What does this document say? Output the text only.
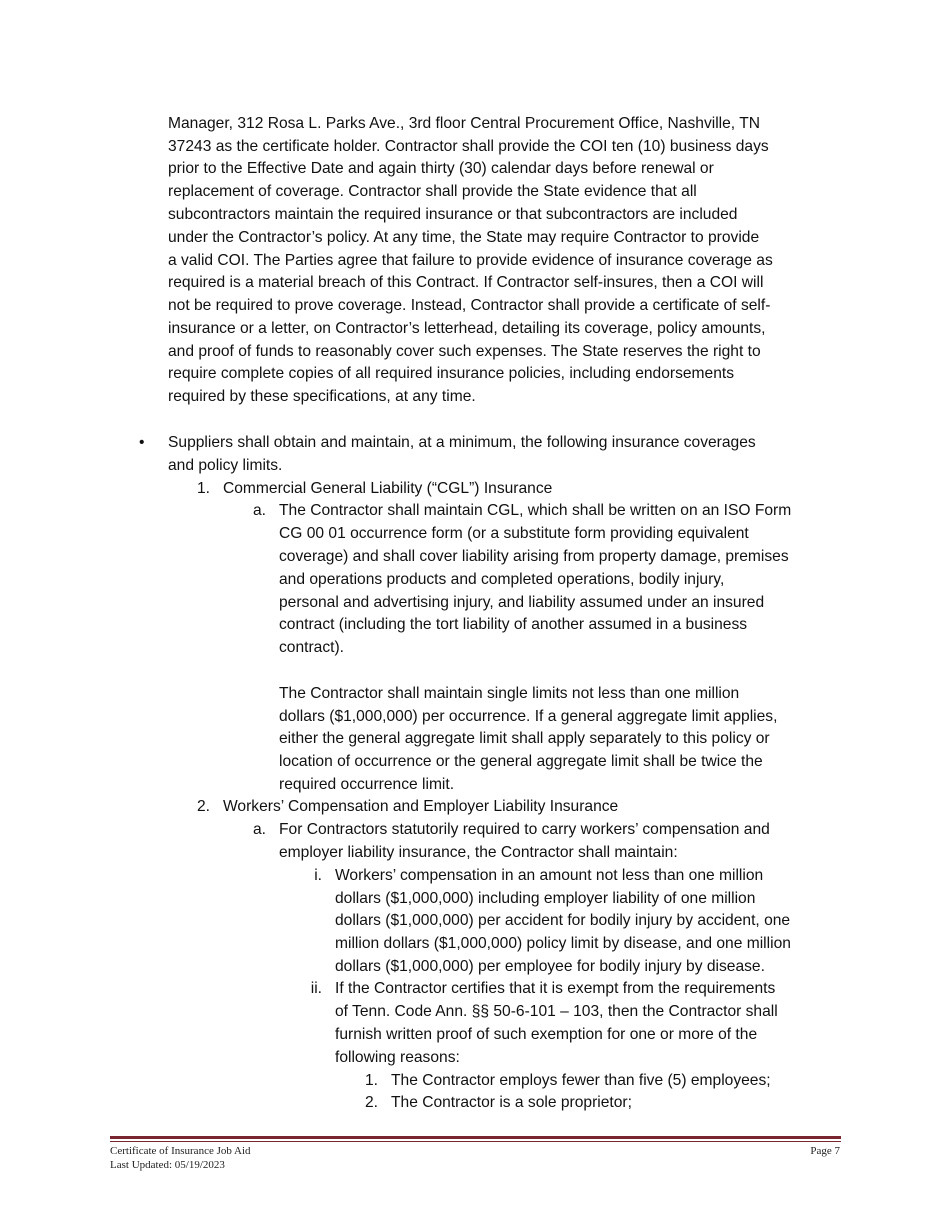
Manager, 312 Rosa L. Parks Ave., 3rd floor Central Procurement Office, Nashville, TN
37243 as the certificate holder. Contractor shall provide the COI ten (10) business days
prior to the Effective Date and again thirty (30) calendar days before renewal or
replacement of coverage. Contractor shall provide the State evidence that all
subcontractors maintain the required insurance or that subcontractors are included
under the Contractor’s policy. At any time, the State may require Contractor to provide
a valid COI. The Parties agree that failure to provide evidence of insurance coverage as
required is a material breach of this Contract. If Contractor self-insures, then a COI will
not be required to prove coverage. Instead, Contractor shall provide a certificate of self-
insurance or a letter, on Contractor’s letterhead, detailing its coverage, policy amounts,
and proof of funds to reasonably cover such expenses. The State reserves the right to
require complete copies of all required insurance policies, including endorsements
required by these specifications, at any time.
• Suppliers shall obtain and maintain, at a minimum, the following insurance coverages
and policy limits.
1. Commercial General Liability (“CGL”) Insurance
a. The Contractor shall maintain CGL, which shall be written on an ISO Form
CG 00 01 occurrence form (or a substitute form providing equivalent
coverage) and shall cover liability arising from property damage, premises
and operations products and completed operations, bodily injury,
personal and advertising injury, and liability assumed under an insured
contract (including the tort liability of another assumed in a business
contract).
The Contractor shall maintain single limits not less than one million
dollars ($1,000,000) per occurrence. If a general aggregate limit applies,
either the general aggregate limit shall apply separately to this policy or
location of occurrence or the general aggregate limit shall be twice the
required occurrence limit.
2. Workers’ Compensation and Employer Liability Insurance
a. For Contractors statutorily required to carry workers’ compensation and
employer liability insurance, the Contractor shall maintain:
i. Workers’ compensation in an amount not less than one million
dollars ($1,000,000) including employer liability of one million
dollars ($1,000,000) per accident for bodily injury by accident, one
million dollars ($1,000,000) policy limit by disease, and one million
dollars ($1,000,000) per employee for bodily injury by disease.
ii. If the Contractor certifies that it is exempt from the requirements
of Tenn. Code Ann. §§ 50-6-101 – 103, then the Contractor shall
furnish written proof of such exemption for one or more of the
following reasons:
1. The Contractor employs fewer than five (5) employees;
2. The Contractor is a sole proprietor;
Certificate of Insurance Job Aid
Last Updated: 05/19/2023
Page 7
